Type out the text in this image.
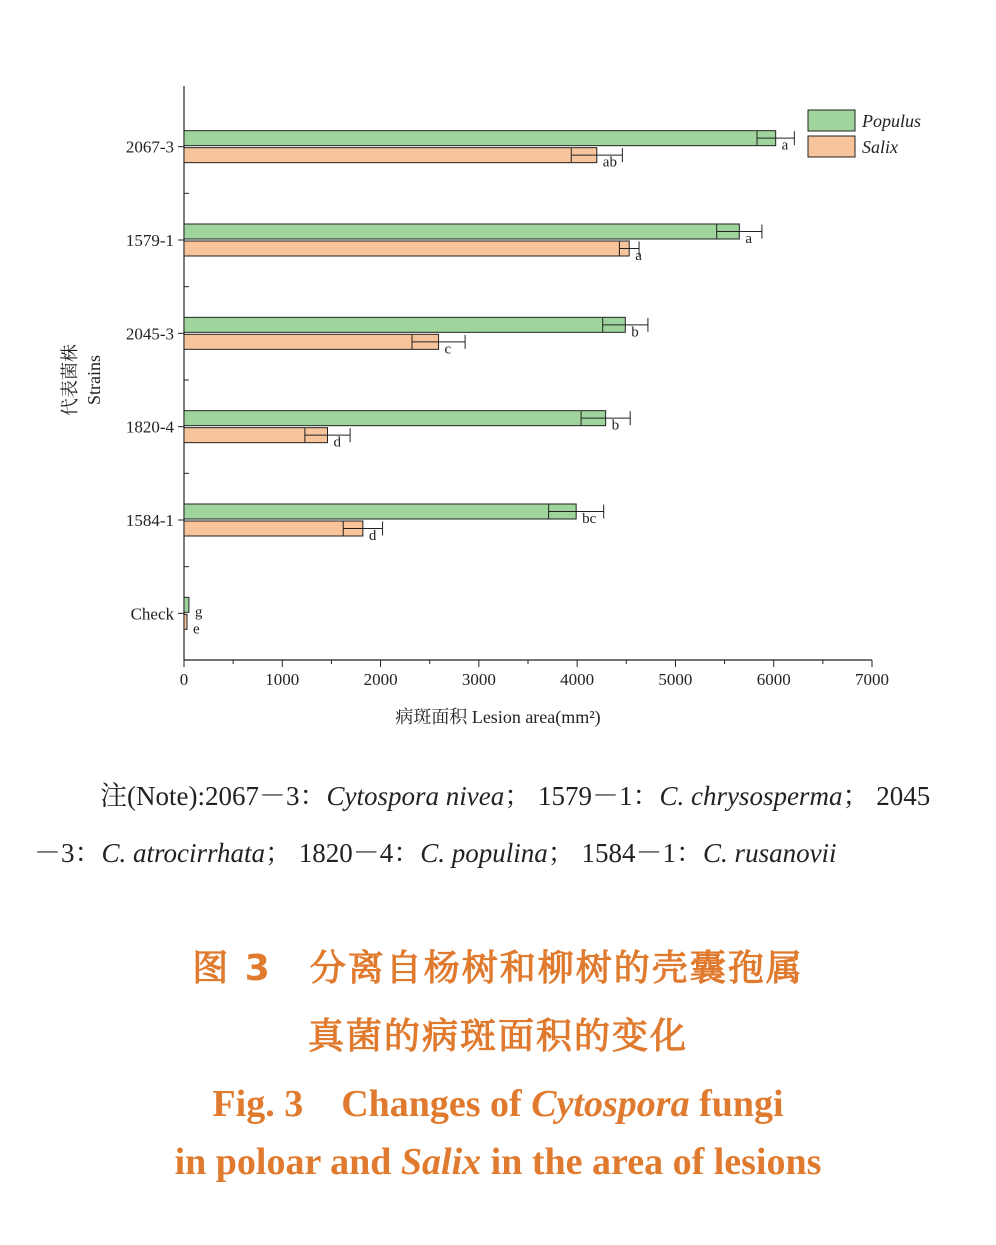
0	1000	2000	3000	4000	5000	6000	7000
Check
1584-1
1820-4
2045-3
1579-1
2067-3
病斑面积 Lesion area(mm²)
代表菌株 Strains
g
e
bc
d
b
d
b
c
a
a
a
ab
Populus
Salix

注(Note):2067－3：Cytospora nivea； 1579－1：C. chrysosperma； 2045－3：C. atrocirrhata； 1820－4：C. populina； 1584－1：C. rusanovii

图 3　分离自杨树和柳树的壳囊孢属

真菌的病斑面积的变化

Fig. 3　Changes of Cytospora fungi

in poloar and Salix in the area of lesions
